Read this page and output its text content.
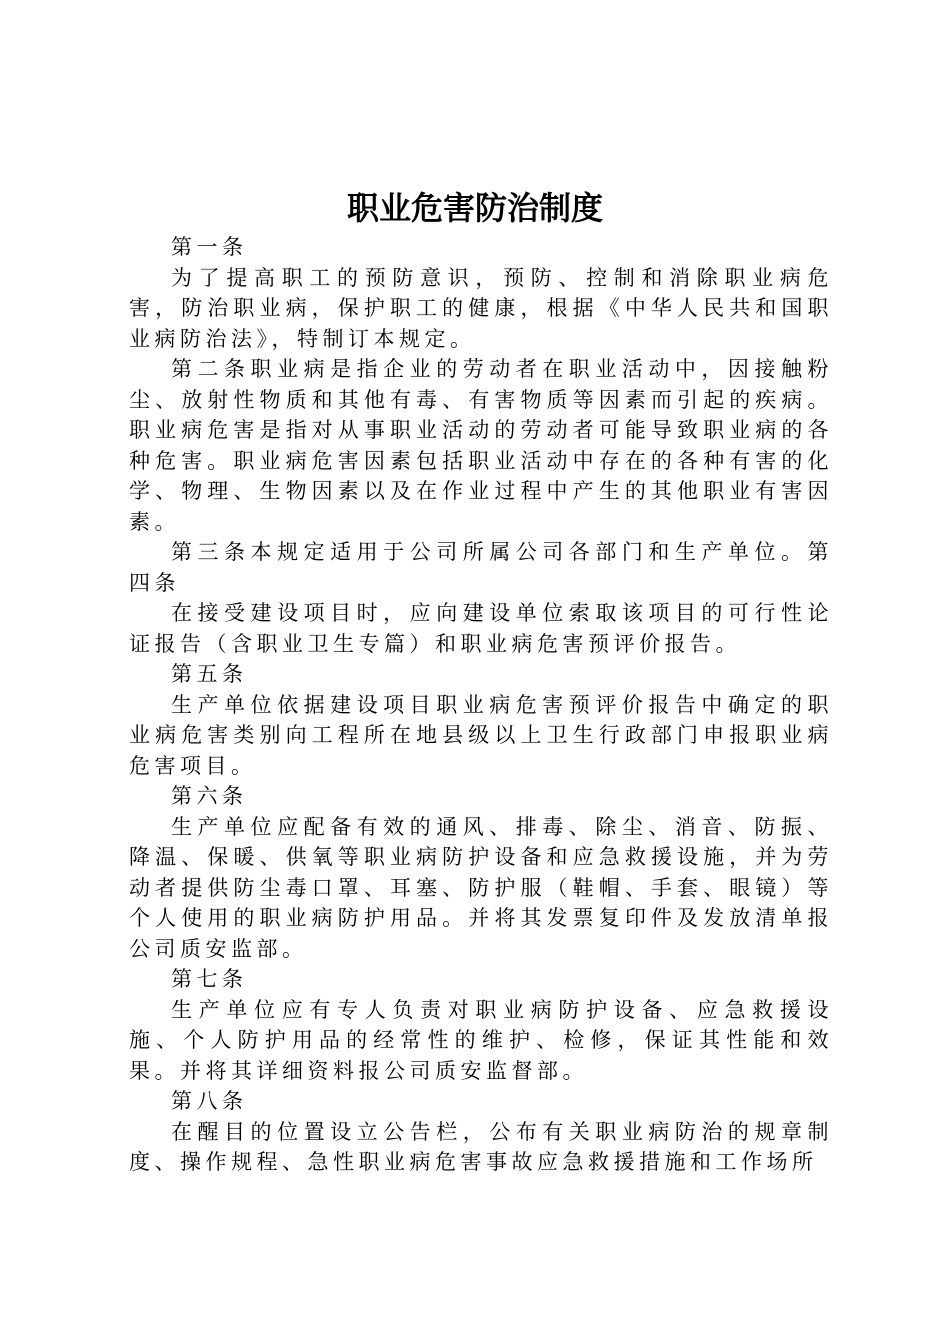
职业危害防治制度

第一条

为了提高职工的预防意识，预防、控制和消除职业病危害，防治职业病，保护职工的健康，根据《中华人民共和国职业病防治法》，特制订本规定。

第二条职业病是指企业的劳动者在职业活动中，因接触粉尘、放射性物质和其他有毒、有害物质等因素而引起的疾病。职业病危害是指对从事职业活动的劳动者可能导致职业病的各种危害。职业病危害因素包括职业活动中存在的各种有害的化学、物理、生物因素以及在作业过程中产生的其他职业有害因素。

第三条本规定适用于公司所属公司各部门和生产单位。第四条

在接受建设项目时，应向建设单位索取该项目的可行性论证报告（含职业卫生专篇）和职业病危害预评价报告。

第五条

生产单位依据建设项目职业病危害预评价报告中确定的职业病危害类别向工程所在地县级以上卫生行政部门申报职业病危害项目。

第六条

生产单位应配备有效的通风、排毒、除尘、消音、防振、降温、保暖、供氧等职业病防护设备和应急救援设施，并为劳动者提供防尘毒口罩、耳塞、防护服（鞋帽、手套、眼镜）等个人使用的职业病防护用品。并将其发票复印件及发放清单报公司质安监部。

第七条

生产单位应有专人负责对职业病防护设备、应急救援设施、个人防护用品的经常性的维护、检修，保证其性能和效果。并将其详细资料报公司质安监督部。

第八条

在醒目的位置设立公告栏，公布有关职业病防治的规章制度、操作规程、急性职业病危害事故应急救援措施和工作场所
